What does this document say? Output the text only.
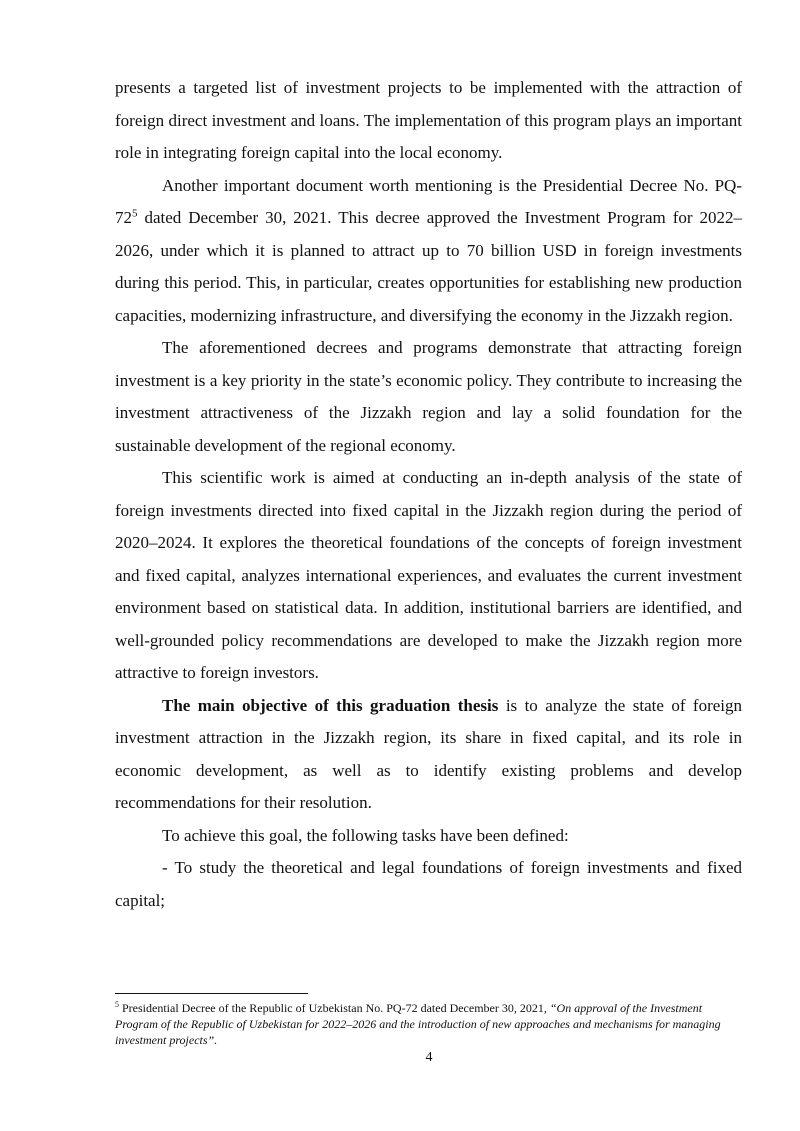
presents a targeted list of investment projects to be implemented with the attraction of foreign direct investment and loans. The implementation of this program plays an important role in integrating foreign capital into the local economy.

Another important document worth mentioning is the Presidential Decree No. $PQ-72^5$ dated December 30, 2021. This decree approved the Investment Program for 2022–2026, under which it is planned to attract up to 70 billion USD in foreign investments during this period. This, in particular, creates opportunities for establishing new production capacities, modernizing infrastructure, and diversifying the economy in the Jizzakh region.

The aforementioned decrees and programs demonstrate that attracting foreign investment is a key priority in the state’s economic policy. They contribute to increasing the investment attractiveness of the Jizzakh region and lay a solid foundation for the sustainable development of the regional economy.

This scientific work is aimed at conducting an in-depth analysis of the state of foreign investments directed into fixed capital in the Jizzakh region during the period of 2020–2024. It explores the theoretical foundations of the concepts of foreign investment and fixed capital, analyzes international experiences, and evaluates the current investment environment based on statistical data. In addition, institutional barriers are identified, and well-grounded policy recommendations are developed to make the Jizzakh region more attractive to foreign investors.

The main objective of this graduation thesis is to analyze the state of foreign investment attraction in the Jizzakh region, its share in fixed capital, and its role in economic development, as well as to identify existing problems and develop recommendations for their resolution.

To achieve this goal, the following tasks have been defined:

- To study the theoretical and legal foundations of foreign investments and fixed capital;

$^5$ Presidential Decree of the Republic of Uzbekistan No. PQ-72 dated December 30, 2021, “On approval of the Investment Program of the Republic of Uzbekistan for 2022–2026 and the introduction of new approaches and mechanisms for managing investment projects”.
4
